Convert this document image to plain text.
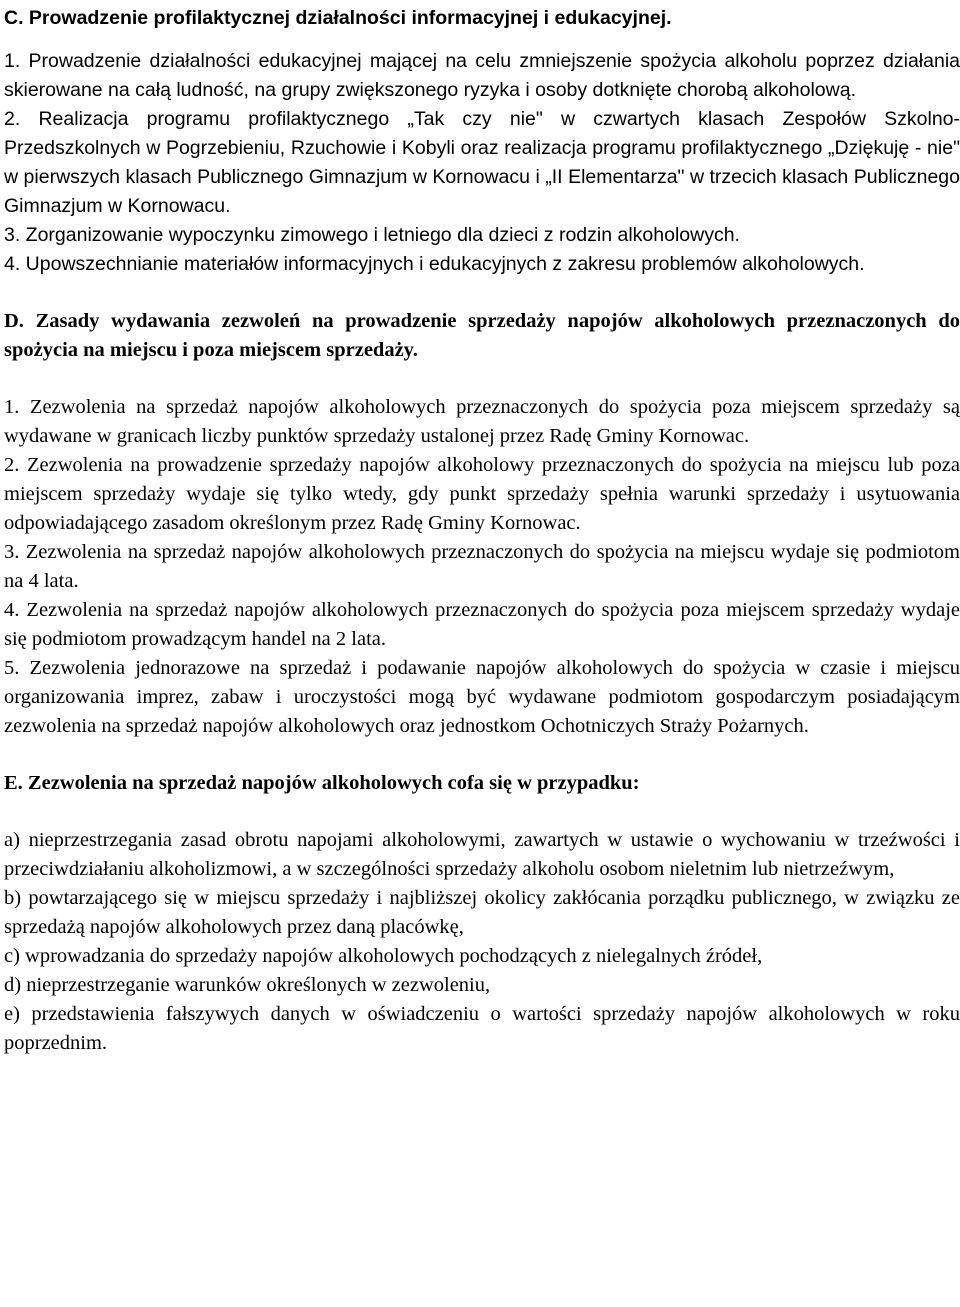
C. Prowadzenie profilaktycznej działalności informacyjnej i edukacyjnej.

1. Prowadzenie działalności edukacyjnej mającej na celu zmniejszenie spożycia alkoholu poprzez działania skierowane na całą ludność, na grupy zwiększonego ryzyka i osoby dotknięte chorobą alkoholową.

2. Realizacja programu profilaktycznego „Tak czy nie" w czwartych klasach Zespołów Szkolno- Przedszkolnych w Pogrzebieniu, Rzuchowie i Kobyli oraz realizacja programu profilaktycznego „Dziękuję - nie" w pierwszych klasach Publicznego Gimnazjum w Kornowacu i „II Elementarza" w trzecich klasach Publicznego Gimnazjum w Kornowacu.

3. Zorganizowanie wypoczynku zimowego i letniego dla dzieci z rodzin alkoholowych.

4. Upowszechnianie materiałów informacyjnych i edukacyjnych z zakresu problemów alkoholowych.

D. Zasady wydawania zezwoleń na prowadzenie sprzedaży napojów alkoholowych przeznaczonych do spożycia na miejscu i poza miejscem sprzedaży.

1. Zezwolenia na sprzedaż napojów alkoholowych przeznaczonych do spożycia poza miejscem sprzedaży są wydawane w granicach liczby punktów sprzedaży ustalonej przez Radę Gminy Kornowac.

2. Zezwolenia na prowadzenie sprzedaży napojów alkoholowy przeznaczonych do spożycia na miejscu lub poza miejscem sprzedaży wydaje się tylko wtedy, gdy punkt sprzedaży spełnia warunki sprzedaży i usytuowania odpowiadającego zasadom określonym przez Radę Gminy Kornowac.

3. Zezwolenia na sprzedaż napojów alkoholowych przeznaczonych do spożycia na miejscu wydaje się podmiotom na 4 lata.

4. Zezwolenia na sprzedaż napojów alkoholowych przeznaczonych do spożycia poza miejscem sprzedaży wydaje się podmiotom prowadzącym handel na 2 lata.

5. Zezwolenia jednorazowe na sprzedaż i podawanie napojów alkoholowych do spożycia w czasie i miejscu organizowania imprez, zabaw i uroczystości mogą być wydawane podmiotom gospodarczym posiadającym zezwolenia na sprzedaż napojów alkoholowych oraz jednostkom Ochotniczych Straży Pożarnych.

E. Zezwolenia na sprzedaż napojów alkoholowych cofa się w przypadku:

a) nieprzestrzegania zasad obrotu napojami alkoholowymi, zawartych w ustawie o wychowaniu w trzeźwości i przeciwdziałaniu alkoholizmowi, a w szczególności sprzedaży alkoholu osobom nieletnim lub nietrzeźwym,

b) powtarzającego się w miejscu sprzedaży i najbliższej okolicy zakłócania porządku publicznego, w związku ze sprzedażą napojów alkoholowych przez daną placówkę,

c) wprowadzania do sprzedaży napojów alkoholowych pochodzących z nielegalnych źródeł,

d) nieprzestrzeganie warunków określonych w zezwoleniu,

e) przedstawienia fałszywych danych w oświadczeniu o wartości sprzedaży napojów alkoholowych w roku poprzednim.
